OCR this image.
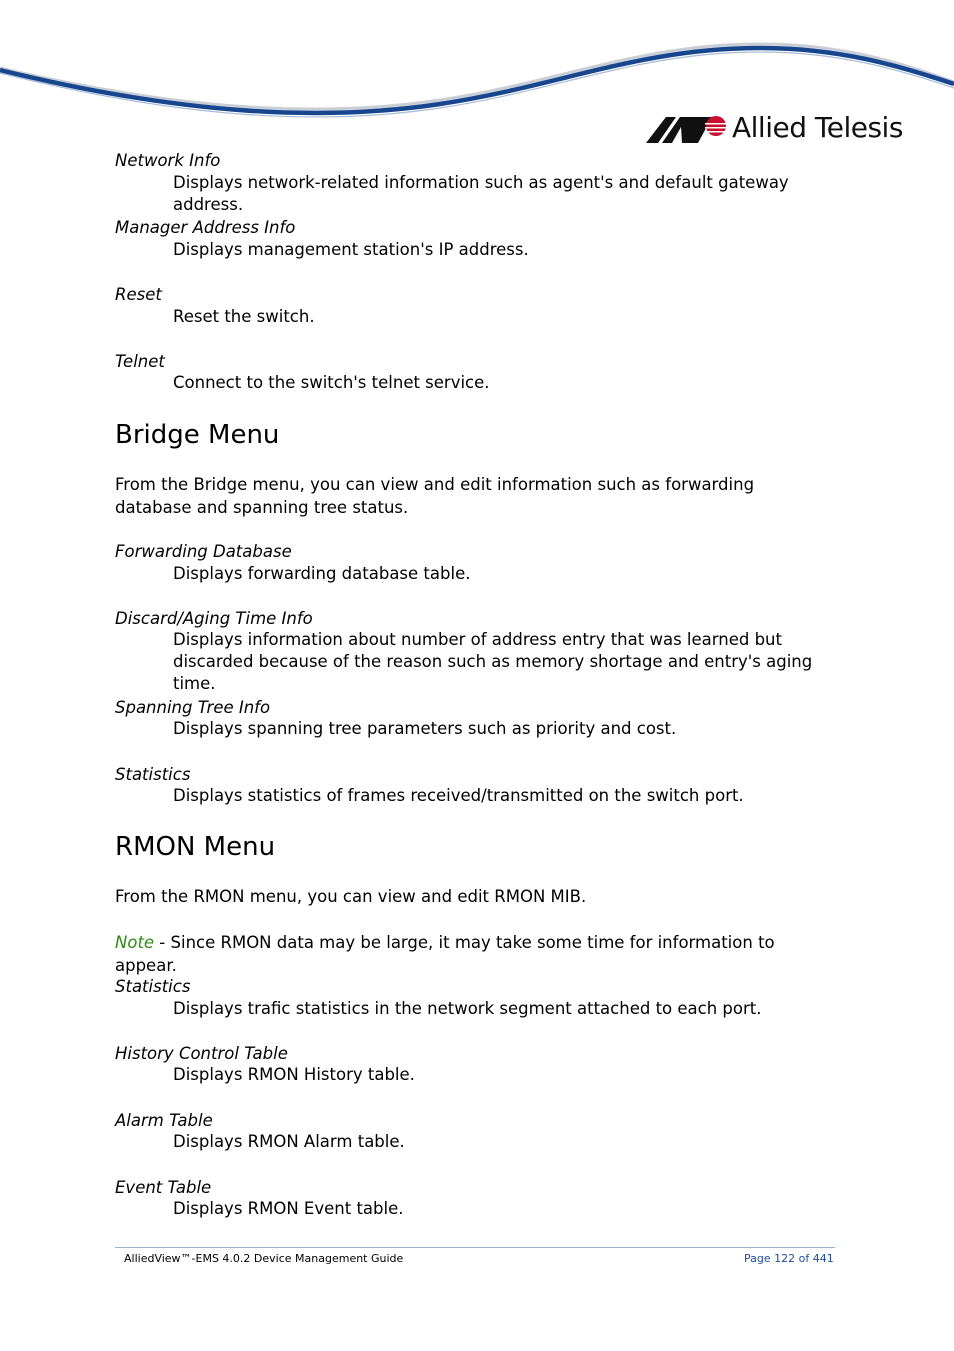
Allied Telesis
Network Info
Displays network-related information such as agent's and default gateway address.
Manager Address Info
Displays management station's IP address.
Reset
Reset the switch.
Telnet
Connect to the switch's telnet service.
Bridge Menu
From the Bridge menu, you can view and edit information such as forwarding database and spanning tree status.
Forwarding Database
Displays forwarding database table.
Discard/Aging Time Info
Displays information about number of address entry that was learned but discarded because of the reason such as memory shortage and entry's aging time.
Spanning Tree Info
Displays spanning tree parameters such as priority and cost.
Statistics
Displays statistics of frames received/transmitted on the switch port.
RMON Menu
From the RMON menu, you can view and edit RMON MIB.
Note - Since RMON data may be large, it may take some time for information to appear.
Statistics
Displays trafic statistics in the network segment attached to each port.
History Control Table
Displays RMON History table.
Alarm Table
Displays RMON Alarm table.
Event Table
Displays RMON Event table.
AlliedView™-EMS 4.0.2 Device Management Guide	Page 122 of 441
